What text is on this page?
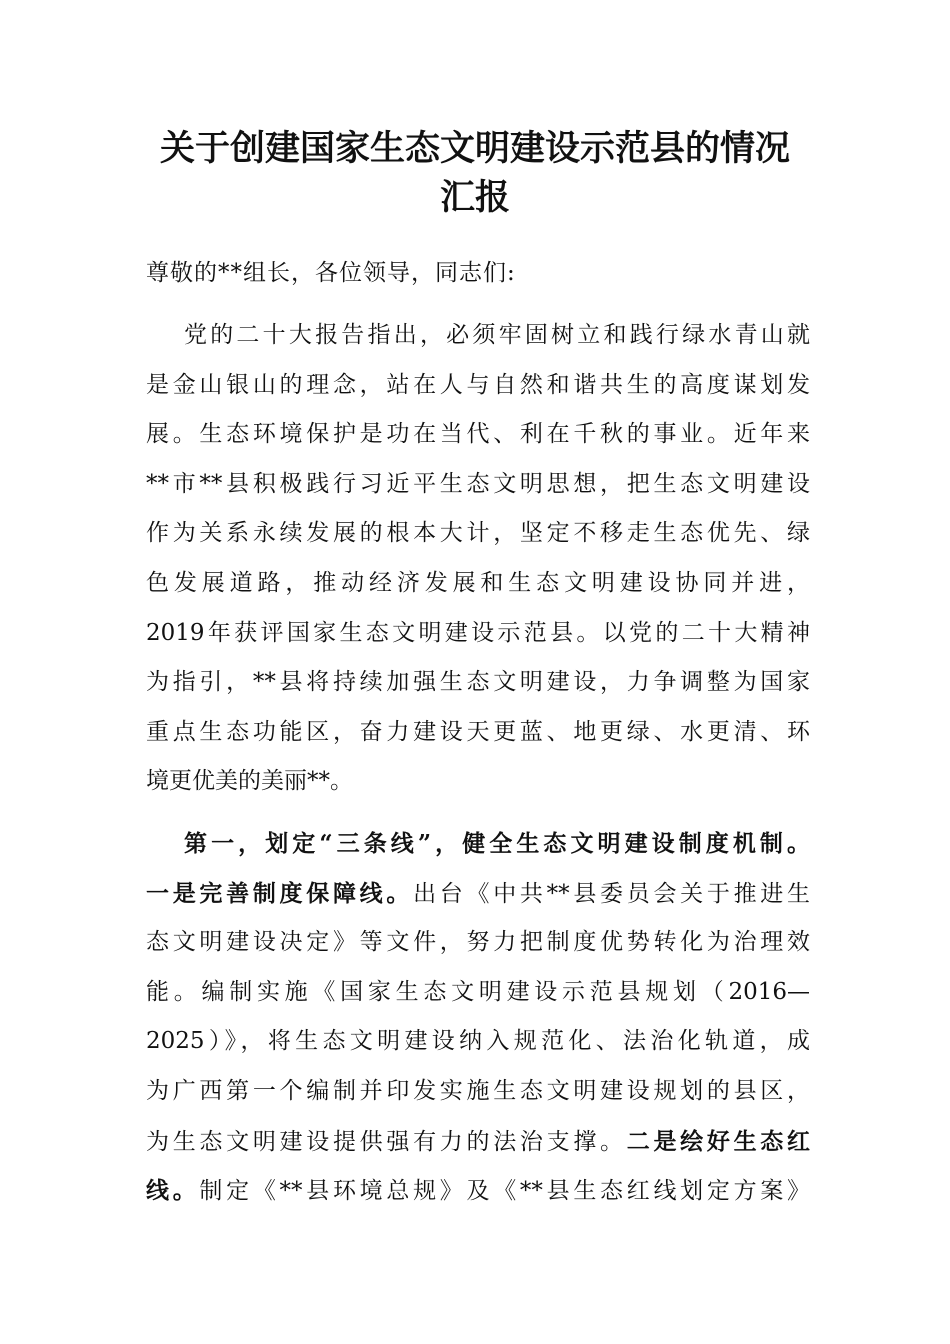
关于创建国家生态文明建设示范县的情况
汇报

尊敬的**组长，各位领导，同志们:

党的二十大报告指出，必须牢固树立和践行绿水青山就
是金山银山的理念，站在人与自然和谐共生的高度谋划发
展。生态环境保护是功在当代、利在千秋的事业。近年来
**市**县积极践行习近平生态文明思想，把生态文明建设
作为关系永续发展的根本大计，坚定不移走生态优先、绿
色发展道路，推动经济发展和生态文明建设协同并进，
2019年获评国家生态文明建设示范县。以党的二十大精神
为指引，**县将持续加强生态文明建设，力争调整为国家
重点生态功能区，奋力建设天更蓝、地更绿、水更清、环
境更优美的美丽**。
第一，划定“三条线”，健全生态文明建设制度机制。
一是完善制度保障线。出台《中共**县委员会关于推进生
态文明建设决定》等文件，努力把制度优势转化为治理效
能。编制实施《国家生态文明建设示范县规划（2016—
2025）》，将生态文明建设纳入规范化、法治化轨道，成
为广西第一个编制并印发实施生态文明建设规划的县区，
为生态文明建设提供强有力的法治支撑。二是绘好生态红
线。制定《**县环境总规》及《**县生态红线划定方案》
